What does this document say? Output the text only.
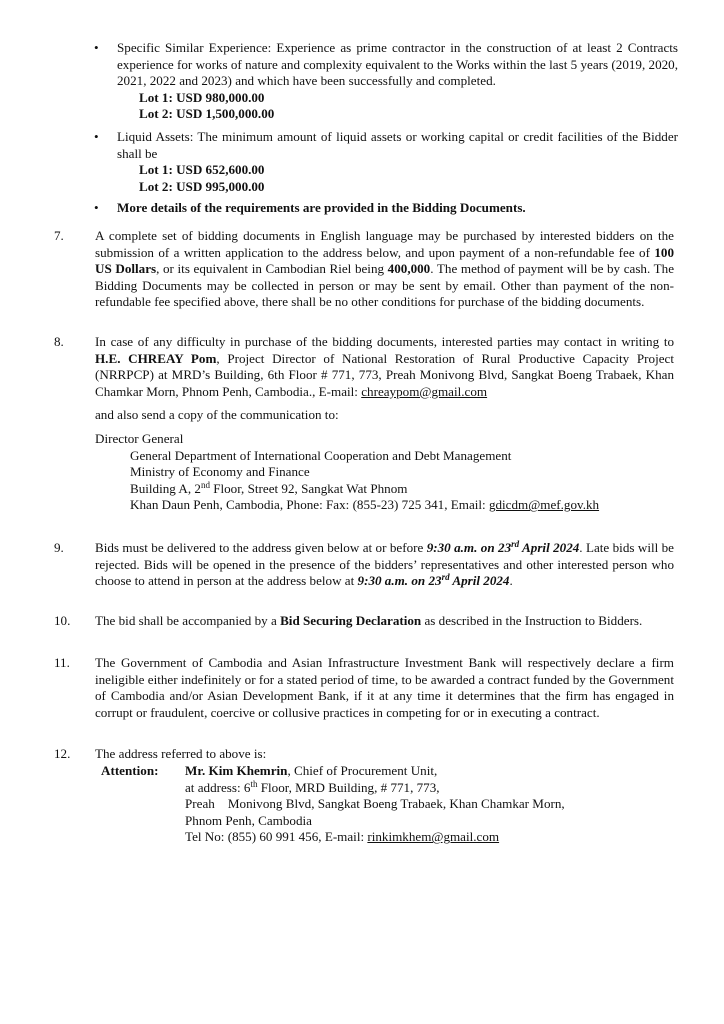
•	Specific Similar Experience: Experience as prime contractor in the construction of at least 2 Contracts experience for works of nature and complexity equivalent to the Works within the last 5 years (2019, 2020, 2021, 2022 and 2023) and which have been successfully and completed.
Lot 1: USD 980,000.00
Lot 2: USD 1,500,000.00
•	Liquid Assets: The minimum amount of liquid assets or working capital or credit facilities of the Bidder shall be
Lot 1: USD 652,600.00
Lot 2: USD 995,000.00
•	More details of the requirements are provided in the Bidding Documents.
7.	A complete set of bidding documents in English language may be purchased by interested bidders on the submission of a written application to the address below, and upon payment of a non-refundable fee of 100 US Dollars, or its equivalent in Cambodian Riel being 400,000. The method of payment will be by cash. The Bidding Documents may be collected in person or may be sent by email. Other than payment of the non-refundable fee specified above, there shall be no other conditions for purchase of the bidding documents.
8.	In case of any difficulty in purchase of the bidding documents, interested parties may contact in writing to H.E. CHREAY Pom, Project Director of National Restoration of Rural Productive Capacity Project (NRRPCP) at MRD’s Building, 6th Floor # 771, 773, Preah Monivong Blvd, Sangkat Boeng Trabaek, Khan Chamkar Morn, Phnom Penh, Cambodia., E-mail: chreaypom@gmail.com
and also send a copy of the communication to:
Director General
General Department of International Cooperation and Debt Management
Ministry of Economy and Finance
Building A, 2nd Floor, Street 92, Sangkat Wat Phnom
Khan Daun Penh, Cambodia, Phone: Fax: (855-23) 725 341, Email: gdicdm@mef.gov.kh
9.	Bids must be delivered to the address given below at or before 9:30 a.m. on 23rd April 2024. Late bids will be rejected. Bids will be opened in the presence of the bidders’ representatives and other interested person who choose to attend in person at the address below at 9:30 a.m. on 23rd April 2024.
10.	The bid shall be accompanied by a Bid Securing Declaration as described in the Instruction to Bidders.
11.	The Government of Cambodia and Asian Infrastructure Investment Bank will respectively declare a firm ineligible either indefinitely or for a stated period of time, to be awarded a contract funded by the Government of Cambodia and/or Asian Development Bank, if it at any time it determines that the firm has engaged in corrupt or fraudulent, coercive or collusive practices in competing for or in executing a contract.
12.	The address referred to above is:
Attention:	Mr. Kim Khemrin, Chief of Procurement Unit,
at address: 6th Floor, MRD Building, # 771, 773,
Preah    Monivong Blvd, Sangkat Boeng Trabaek, Khan Chamkar Morn,
Phnom Penh, Cambodia
Tel No: (855) 60 991 456, E-mail: rinkimkhem@gmail.com
